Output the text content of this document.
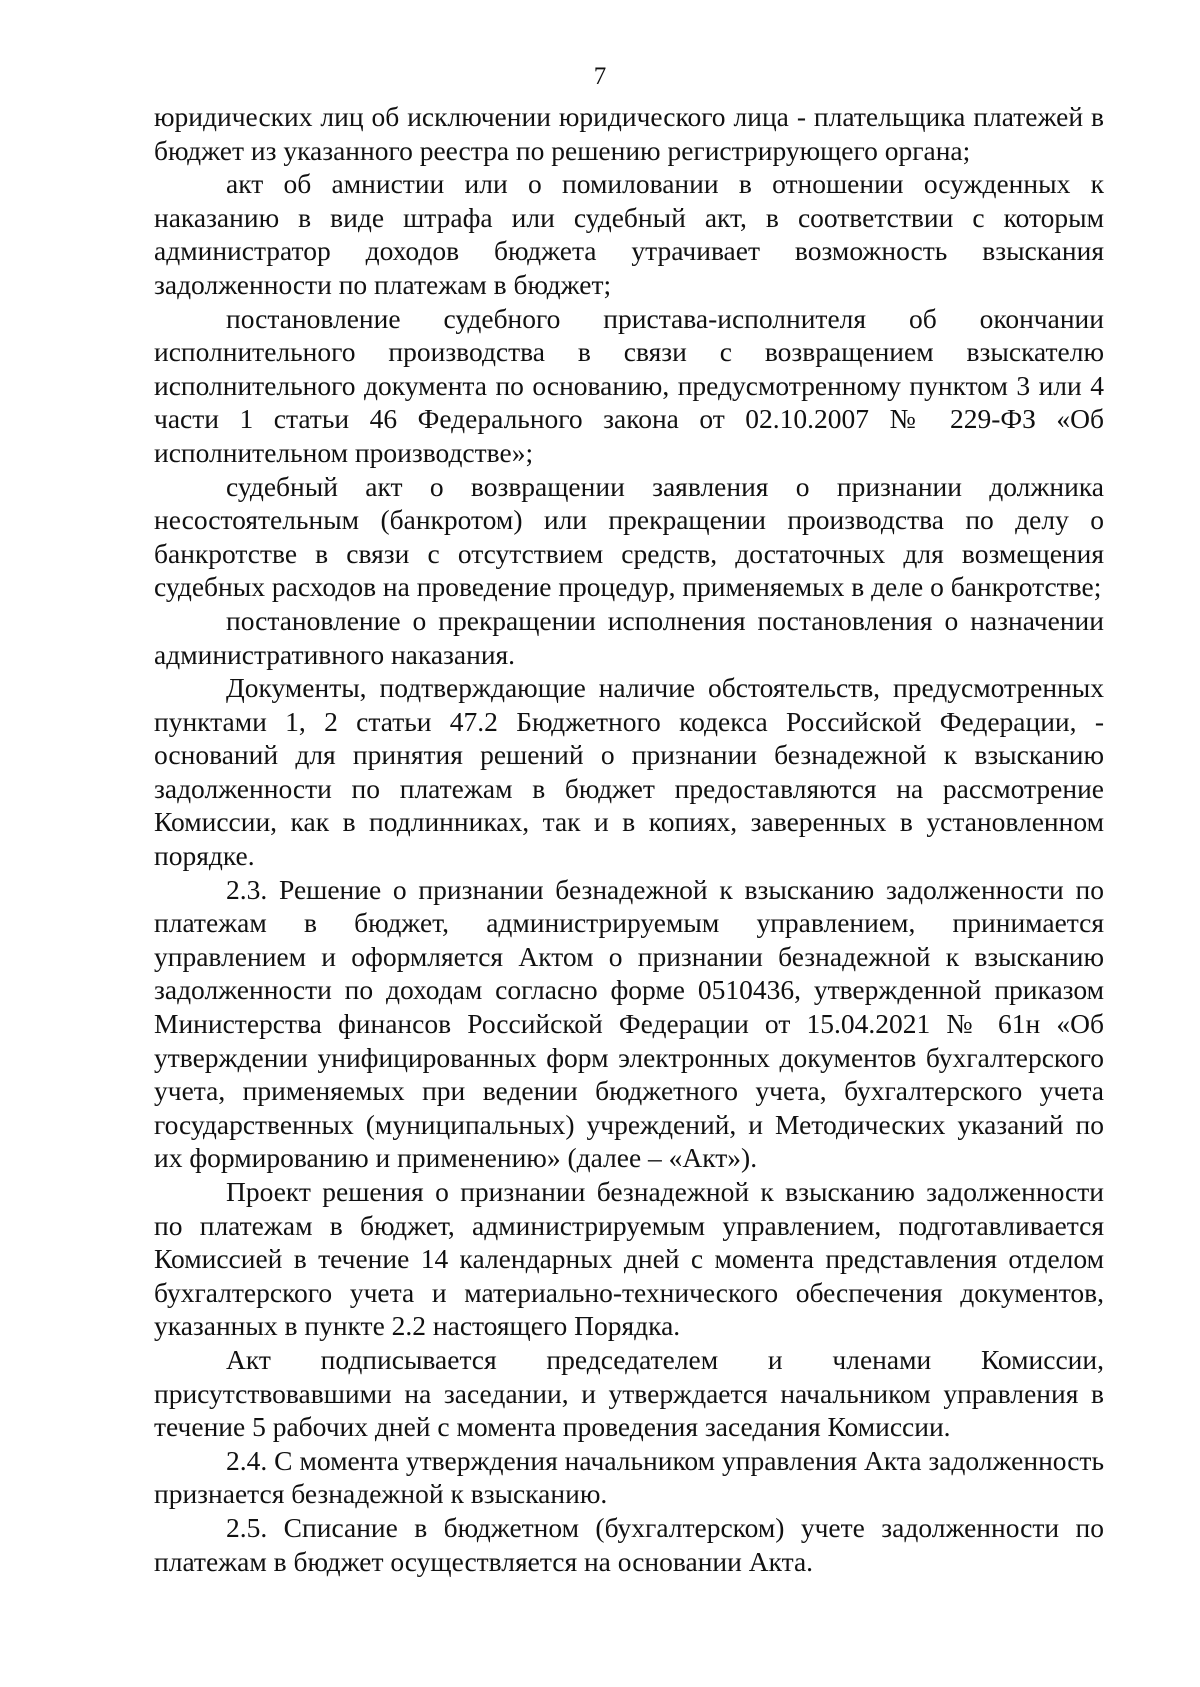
7

юридических лиц об исключении юридического лица - плательщика платежей в бюджет из указанного реестра по решению регистрирующего органа;

акт об амнистии или о помиловании в отношении осужденных к наказанию в виде штрафа или судебный акт, в соответствии с которым администратор доходов бюджета утрачивает возможность взыскания задолженности по платежам в бюджет;

постановление судебного пристава-исполнителя об окончании исполнительного производства в связи с возвращением взыскателю исполнительного документа по основанию, предусмотренному пунктом 3 или 4 части 1 статьи 46 Федерального закона от 02.10.2007 № 229-ФЗ «Об исполнительном производстве»;

судебный акт о возвращении заявления о признании должника несостоятельным (банкротом) или прекращении производства по делу о банкротстве в связи с отсутствием средств, достаточных для возмещения судебных расходов на проведение процедур, применяемых в деле о банкротстве;

постановление о прекращении исполнения постановления о назначении административного наказания.

Документы, подтверждающие наличие обстоятельств, предусмотренных пунктами 1, 2 статьи 47.2 Бюджетного кодекса Российской Федерации, - оснований для принятия решений о признании безнадежной к взысканию задолженности по платежам в бюджет предоставляются на рассмотрение Комиссии, как в подлинниках, так и в копиях, заверенных в установленном порядке.

2.3. Решение о признании безнадежной к взысканию задолженности по платежам в бюджет, администрируемым управлением, принимается управлением и оформляется Актом о признании безнадежной к взысканию задолженности по доходам согласно форме 0510436, утвержденной приказом Министерства финансов Российской Федерации от 15.04.2021 № 61н «Об утверждении унифицированных форм электронных документов бухгалтерского учета, применяемых при ведении бюджетного учета, бухгалтерского учета государственных (муниципальных) учреждений, и Методических указаний по их формированию и применению» (далее – «Акт»).

Проект решения о признании безнадежной к взысканию задолженности по платежам в бюджет, администрируемым управлением, подготавливается Комиссией в течение 14 календарных дней с момента представления отделом бухгалтерского учета и материально-технического обеспечения документов, указанных в пункте 2.2 настоящего Порядка.

Акт подписывается председателем и членами Комиссии, присутствовавшими на заседании, и утверждается начальником управления в течение 5 рабочих дней с момента проведения заседания Комиссии.

2.4. С момента утверждения начальником управления Акта задолженность признается безнадежной к взысканию.

2.5. Списание в бюджетном (бухгалтерском) учете задолженности по платежам в бюджет осуществляется на основании Акта.
